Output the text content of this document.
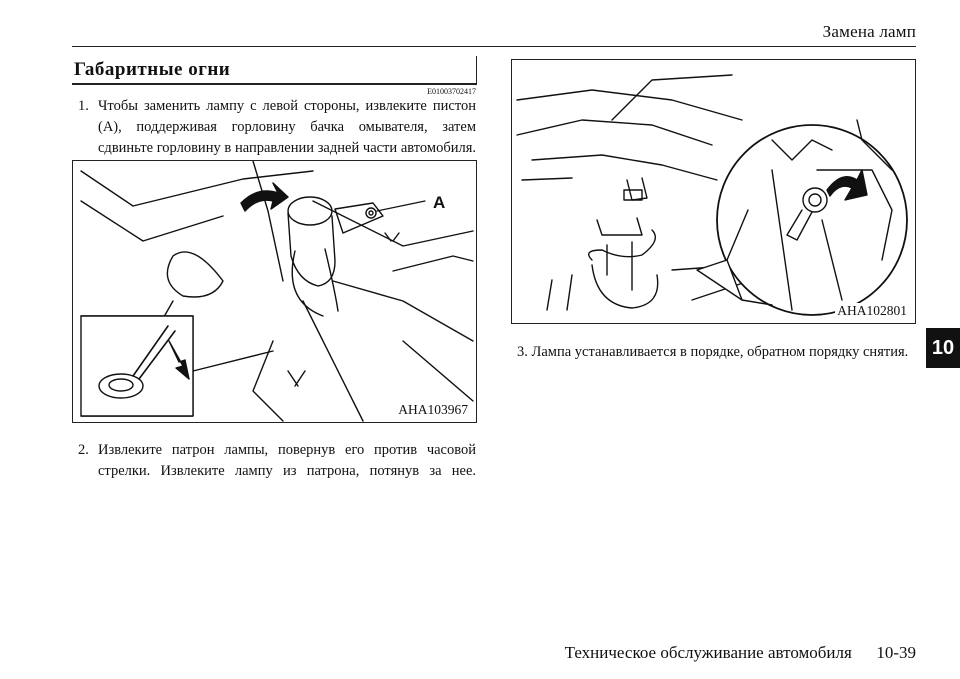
Замена ламп
10
Габаритные огни
E01003702417
1. Чтобы заменить лампу с левой стороны, извлеките пистон (А), поддерживая горловину бачка омывателя, затем сдвиньте горловину в направлении задней части автомобиля.
A
AHA103967
2. Извлеките патрон лампы, повернув его против часовой стрелки. Извлеките лампу из патрона, потянув за нее.
AHA102801
3. Лампа устанавливается в порядке, обратном порядку снятия.
Техническое обслуживание автомобиля 10-39
